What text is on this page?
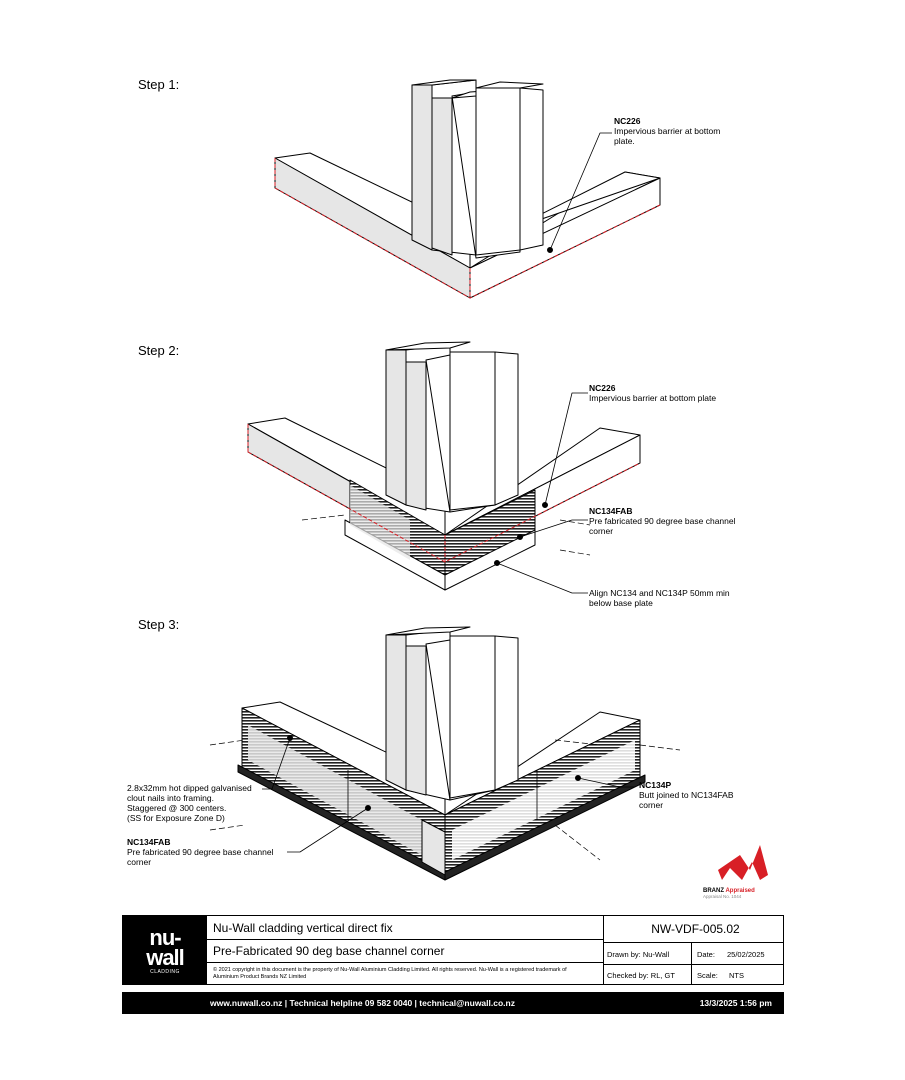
Step 1:
Step 2:
Step 3:
NC226
Impervious barrier at bottom
plate.
NC226
Impervious barrier at bottom plate
NC134FAB
Pre fabricated 90 degree base channel
corner
Align NC134 and NC134P 50mm min
below base plate
2.8x32mm hot dipped galvanised
clout nails into framing.
Staggered @ 300 centers.
(SS for Exposure Zone D)
NC134FAB
Pre fabricated 90 degree base channel
corner
NC134P
Butt joined to NC134FAB
corner
BRANZ Appraised
Appraisal No. 1044
nu-
wall
CLADDING
Nu-Wall cladding vertical direct fix
Pre-Fabricated 90 deg base channel corner
© 2021 copyright in this document is the property of Nu-Wall Aluminium Cladding Limited. All rights reserved. Nu-Wall is a registered trademark of Aluminium Product Brands NZ Limited
NW-VDF-005.02
Drawn by: Nu-Wall	Date: 25/02/2025
Checked by: RL, GT	Scale: NTS
www.nuwall.co.nz | Technical helpline 09 582 0040 | technical@nuwall.co.nz	13/3/2025 1:56 pm
